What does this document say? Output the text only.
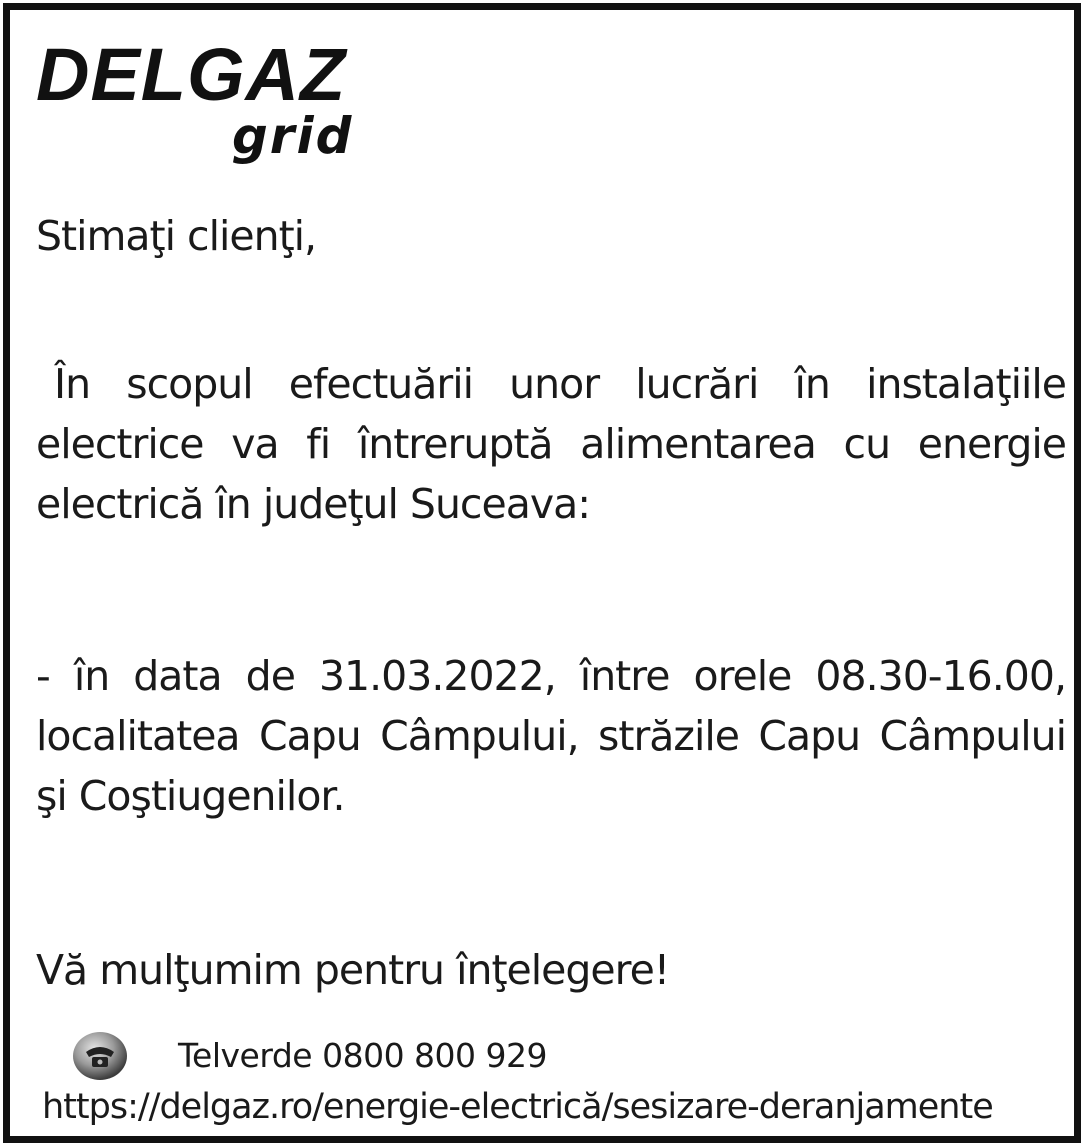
DELGAZ
grid
Stimaţi clienţi,
În scopul efectuării unor lucrări în instalaţiile electrice va fi întreruptă alimentarea cu energie electrică în judeţul Suceava:
- în data de 31.03.2022, între orele 08.30-16.00, localitatea Capu Câmpului, străzile Capu Câmpului şi Coştiugenilor.
Vă mulţumim pentru înţelegere!
Telverde 0800 800 929
https://delgaz.ro/energie-electrică/sesizare-deranjamente
